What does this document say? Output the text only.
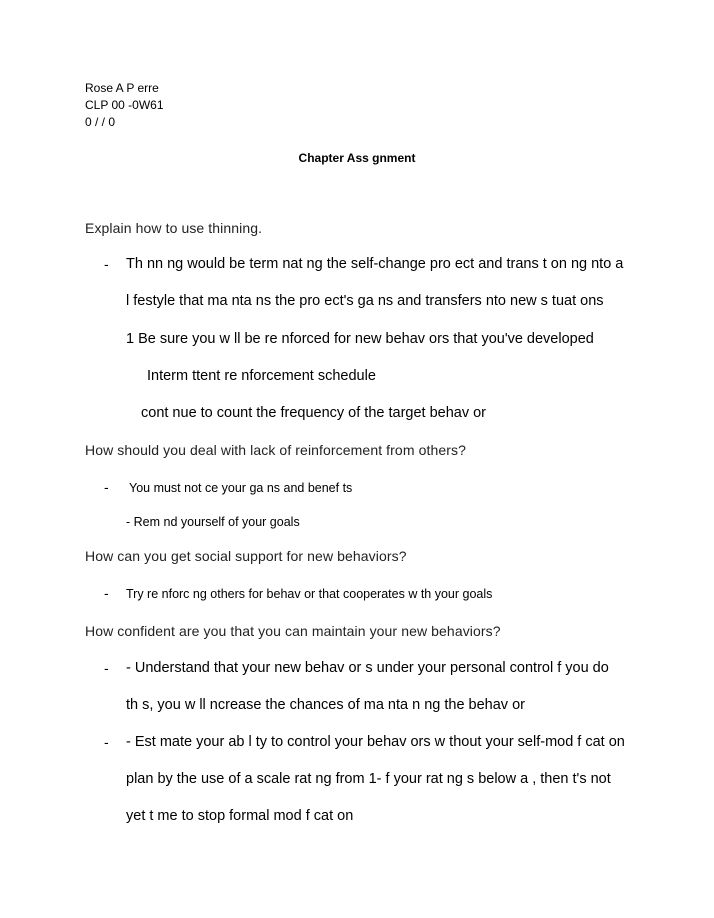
Rose A P erre
CLP 00 -0W61
0 / / 0
Chapter Ass gnment
Explain how to use thinning.
- Th nn ng would be term nat ng the self-change pro ect and trans t on ng nto a
l festyle that ma nta ns the pro ect's ga ns and transfers nto new s tuat ons
1 Be sure you w ll be re nforced for new behav ors that you've developed
Interm ttent re nforcement schedule
cont nue to count the frequency of the target behav or
How should you deal with lack of reinforcement from others?
- You must not ce your ga ns and benef ts
- Rem nd yourself of your goals
How can you get social support for new behaviors?
- Try re nforc ng others for behav or that cooperates w th your goals
How confident are you that you can maintain your new behaviors?
- - Understand that your new behav or s under your personal control f you do
th s, you w ll ncrease the chances of ma nta n ng the behav or
- - Est mate your ab l ty to control your behav ors w thout your self-mod f cat on
plan by the use of a scale rat ng from 1- f your rat ng s below a , then t's not
yet t me to stop formal mod f cat on
